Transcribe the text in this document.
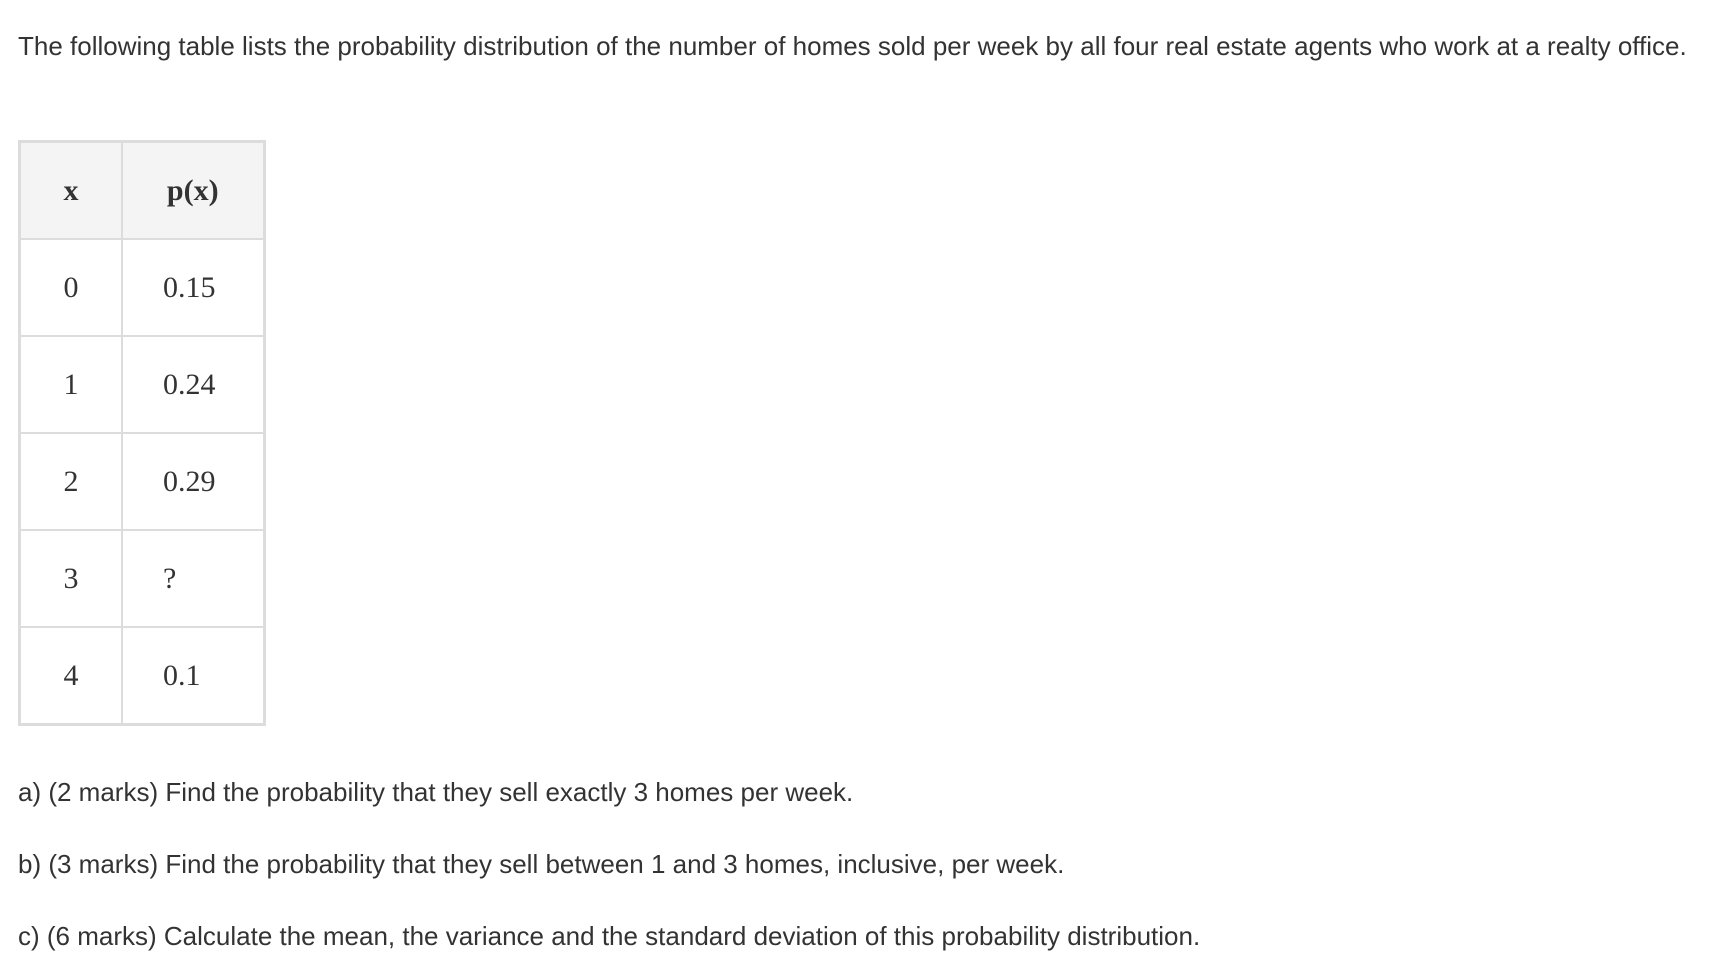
The following table lists the probability distribution of the number of homes sold per week by all four real estate agents who work at a realty office.

x	p(x)
0	0.15
1	0.24
2	0.29
3	?
4	0.1

a) (2 marks) Find the probability that they sell exactly 3 homes per week.

b) (3 marks) Find the probability that they sell between 1 and 3 homes, inclusive, per week.

c) (6 marks) Calculate the mean, the variance and the standard deviation of this probability distribution.
